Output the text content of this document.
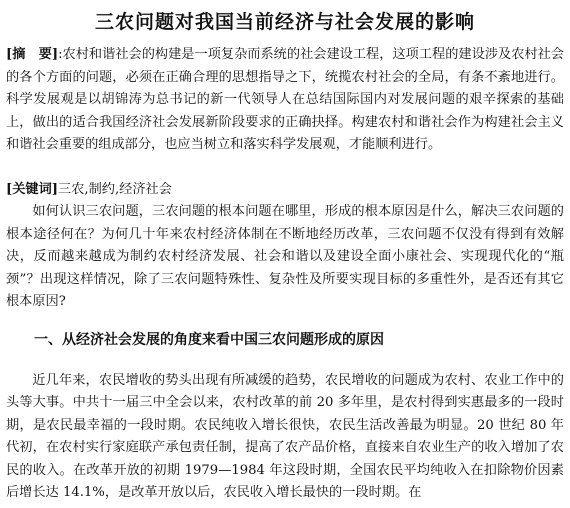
三农问题对我国当前经济与社会发展的影响

[摘　要]:农村和谐社会的构建是一项复杂而系统的社会建设工程，这项工程的建设涉及农村社会的各个方面的问题，必须在正确合理的思想指导之下，统揽农村社会的全局，有条不紊地进行。科学发展观是以胡锦涛为总书记的新一代领导人在总结国际国内对发展问题的艰辛探索的基础上，做出的适合我国经济社会发展新阶段要求的正确抉择。构建农村和谐社会作为构建社会主义和谐社会重要的组成部分，也应当树立和落实科学发展观，才能顺利进行。

[关键词]三农,制约,经济社会

如何认识三农问题，三农问题的根本问题在哪里，形成的根本原因是什么，解决三农问题的根本途径何在？为何几十年来农村经济体制在不断地经历改革，三农问题不仅没有得到有效解决，反而越来越成为制约农村经济发展、社会和谐以及建设全面小康社会、实现现代化的“瓶颈”？出现这样情况，除了三农问题特殊性、复杂性及所要实现目标的多重性外，是否还有其它根本原因?

一、从经济社会发展的角度来看中国三农问题形成的原因

近几年来，农民增收的势头出现有所减缓的趋势，农民增收的问题成为农村、农业工作中的头等大事。中共十一届三中全会以来，农村改革的前 20 多年里，是农村得到实惠最多的一段时期，是农民最幸福的一段时期。农民纯收入增长很快，农民生活改善最为明显。20 世纪 80 年代初，在农村实行家庭联产承包责任制，提高了农产品价格，直接来自农业生产的收入增加了农民的收入。在改革开放的初期 1979—1984 年这段时期，全国农民平均纯收入在扣除物价因素后增长达 14.1%，是改革开放以后，农民收入增长最快的一段时期。在
